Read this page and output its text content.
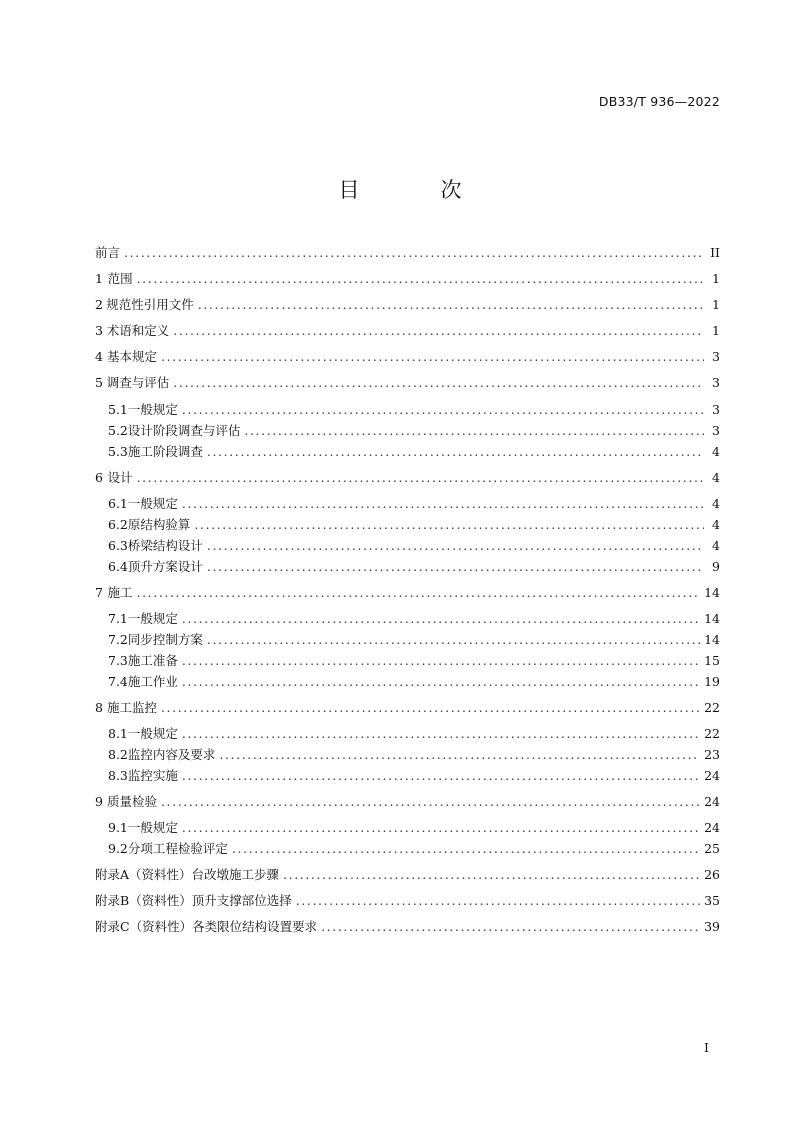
DB33/T 936—2022
目　次
前言 .....	II
1 范围 .....	1
2 规范性引用文件 .....	1
3 术语和定义 .....	1
4 基本规定 .....	3
5 调查与评估 .....	3
5.1 一般规定 .....	3
5.2 设计阶段调查与评估 .....	3
5.3 施工阶段调查 .....	4
6 设计 .....	4
6.1 一般规定 .....	4
6.2 原结构验算 .....	4
6.3 桥梁结构设计 .....	4
6.4 顶升方案设计 .....	9
7 施工 .....	14
7.1 一般规定 .....	14
7.2 同步控制方案 .....	14
7.3 施工准备 .....	15
7.4 施工作业 .....	19
8 施工监控 .....	22
8.1 一般规定 .....	22
8.2 监控内容及要求 .....	23
8.3 监控实施 .....	24
9 质量检验 .....	24
9.1 一般规定 .....	24
9.2 分项工程检验评定 .....	25
附录A （资料性） 台改墩施工步骤 .....	26
附录B （资料性） 顶升支撑部位选择 .....	35
附录C （资料性） 各类限位结构设置要求 .....	39
I
